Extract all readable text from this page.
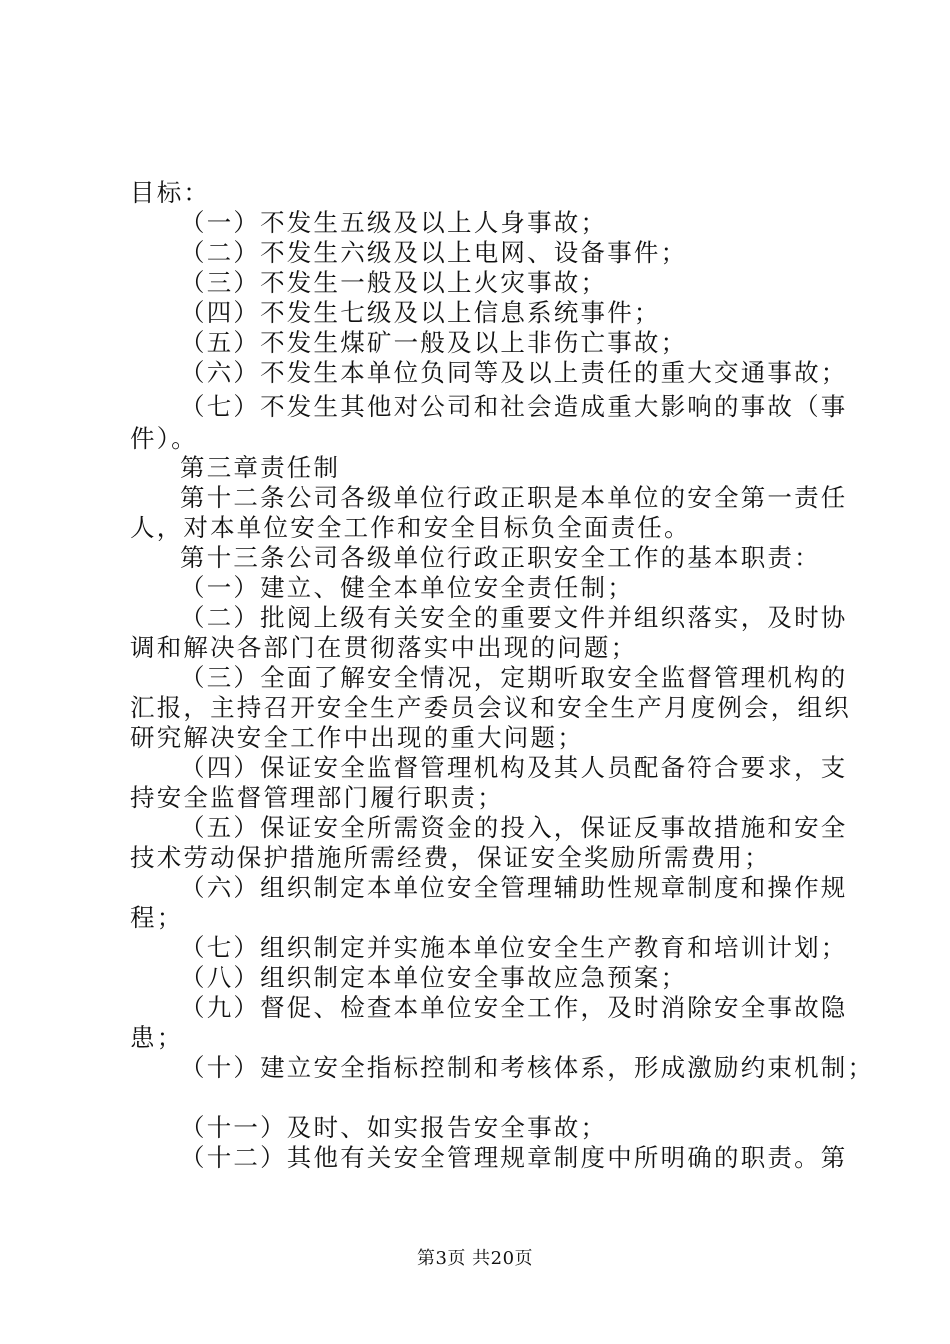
目标：
（一）不发生五级及以上人身事故；
（二）不发生六级及以上电网、设备事件；
（三）不发生一般及以上火灾事故；
（四）不发生七级及以上信息系统事件；
（五）不发生煤矿一般及以上非伤亡事故；
（六）不发生本单位负同等及以上责任的重大交通事故；
（七）不发生其他对公司和社会造成重大影响的事故（事
件）。
第三章责任制
第十二条公司各级单位行政正职是本单位的安全第一责任
人，对本单位安全工作和安全目标负全面责任。
第十三条公司各级单位行政正职安全工作的基本职责：
（一）建立、健全本单位安全责任制；
（二）批阅上级有关安全的重要文件并组织落实，及时协
调和解决各部门在贯彻落实中出现的问题；
（三）全面了解安全情况，定期听取安全监督管理机构的
汇报，主持召开安全生产委员会议和安全生产月度例会，组织
研究解决安全工作中出现的重大问题；
（四）保证安全监督管理机构及其人员配备符合要求，支
持安全监督管理部门履行职责；
（五）保证安全所需资金的投入，保证反事故措施和安全
技术劳动保护措施所需经费，保证安全奖励所需费用；
（六）组织制定本单位安全管理辅助性规章制度和操作规
程；
（七）组织制定并实施本单位安全生产教育和培训计划；
（八）组织制定本单位安全事故应急预案；
（九）督促、检查本单位安全工作，及时消除安全事故隐
患；
（十）建立安全指标控制和考核体系，形成激励约束机制；
（十一）及时、如实报告安全事故；
（十二）其他有关安全管理规章制度中所明确的职责。第
第3页 共20页
